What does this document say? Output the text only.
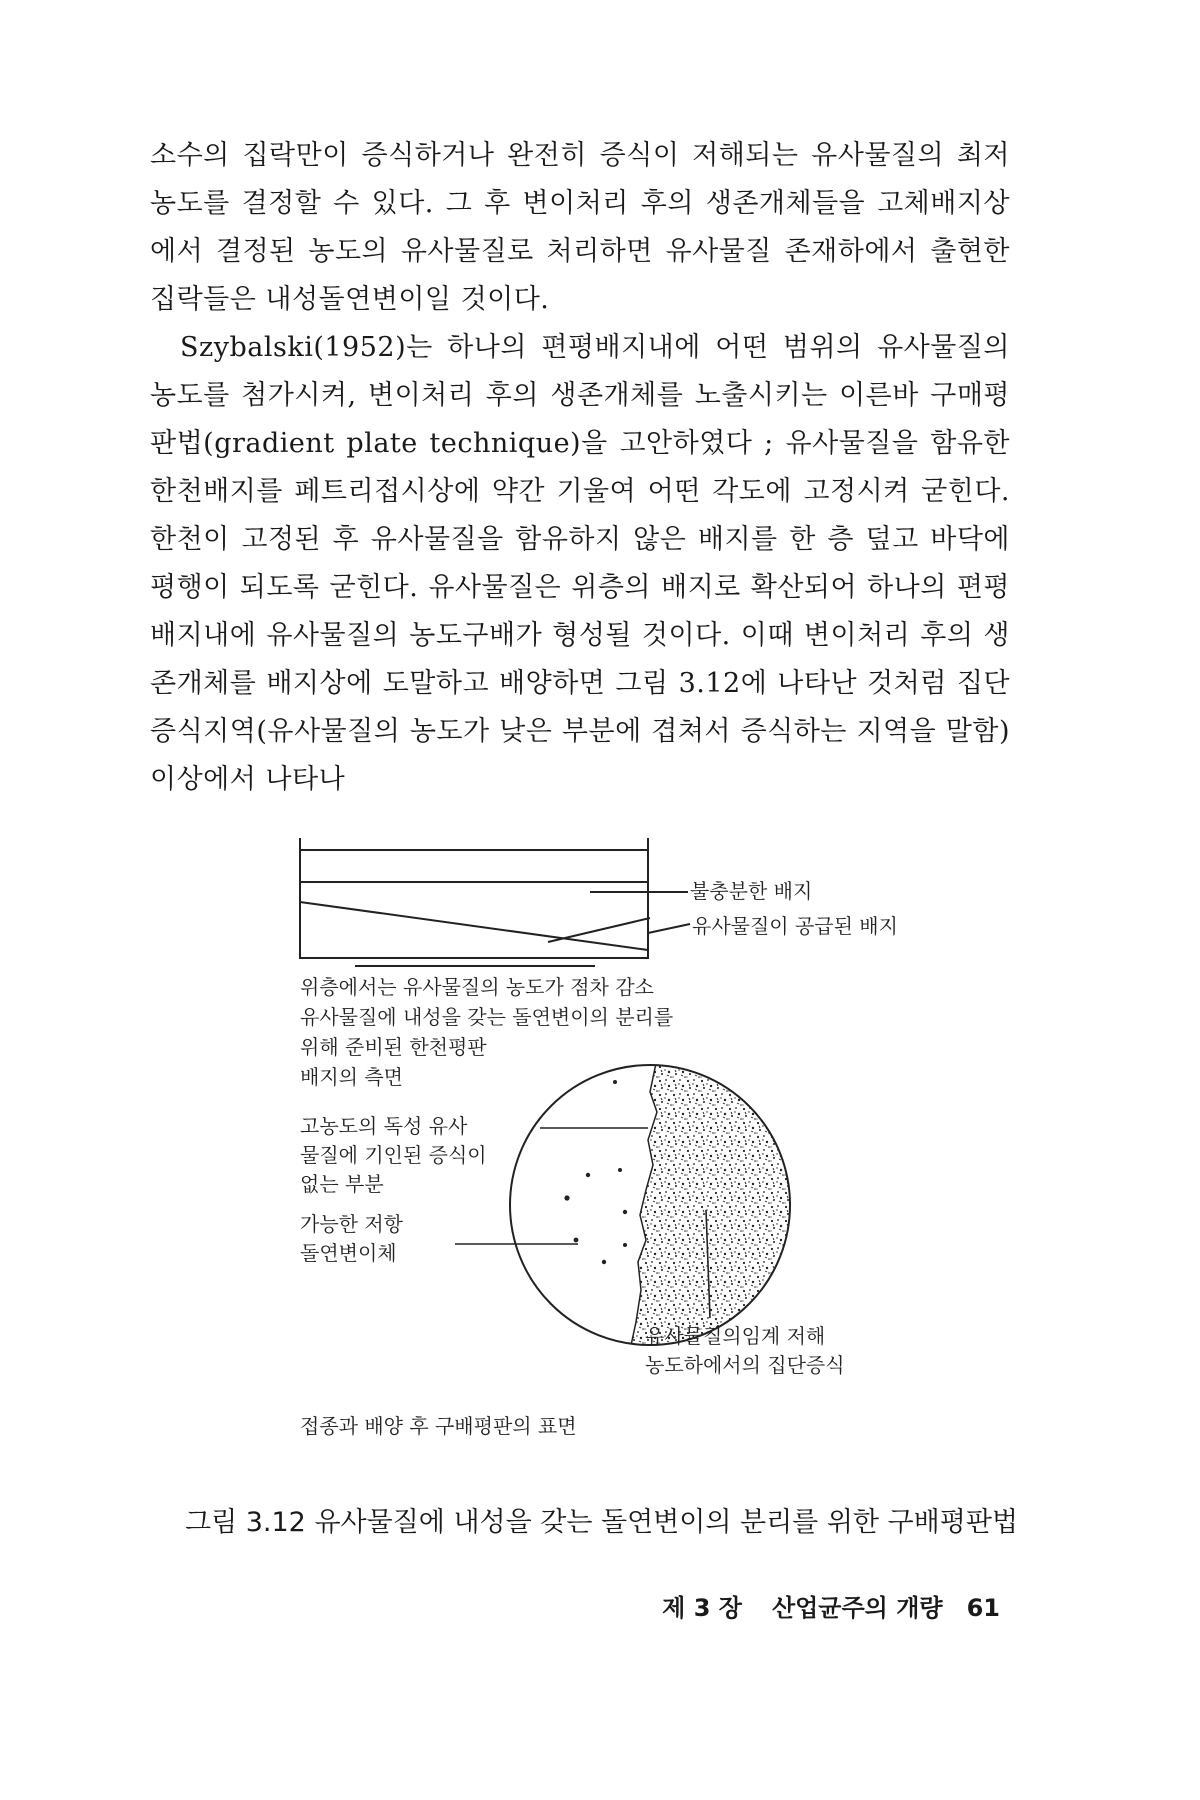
소수의 집락만이 증식하거나 완전히 증식이 저해되는 유사물질의 최저농도를 결정할 수 있다. 그 후 변이처리 후의 생존개체들을 고체배지상에서 결정된 농도의 유사물질로 처리하면 유사물질 존재하에서 출현한 집락들은 내성돌연변이일 것이다.

Szybalski(1952)는 하나의 편평배지내에 어떤 범위의 유사물질의 농도를 첨가시켜, 변이처리 후의 생존개체를 노출시키는 이른바 구매평판법(gradient plate technique)을 고안하였다 ; 유사물질을 함유한 한천배지를 페트리접시상에 약간 기울여 어떤 각도에 고정시켜 굳힌다. 한천이 고정된 후 유사물질을 함유하지 않은 배지를 한 층 덮고 바닥에 평행이 되도록 굳힌다. 유사물질은 위층의 배지로 확산되어 하나의 편평배지내에 유사물질의 농도구배가 형성될 것이다. 이때 변이처리 후의 생존개체를 배지상에 도말하고 배양하면 그림 3.12에 나타난 것처럼 집단 증식지역(유사물질의 농도가 낮은 부분에 겹쳐서 증식하는 지역을 말함) 이상에서 나타나

불충분한 배지
유사물질이 공급된 배지
위층에서는 유사물질의 농도가 점차 감소
유사물질에 내성을 갖는 돌연변이의 분리를
위해 준비된 한천평판
배지의 측면
고농도의 독성 유사
물질에 기인된 증식이
없는 부분
가능한 저항
돌연변이체
유사물질의임계 저해
농도하에서의 집단증식
접종과 배양 후 구배평판의 표면
그림 3.12 유사물질에 내성을 갖는 돌연변이의 분리를 위한 구배평판법
제 3 장 산업균주의 개량 61
